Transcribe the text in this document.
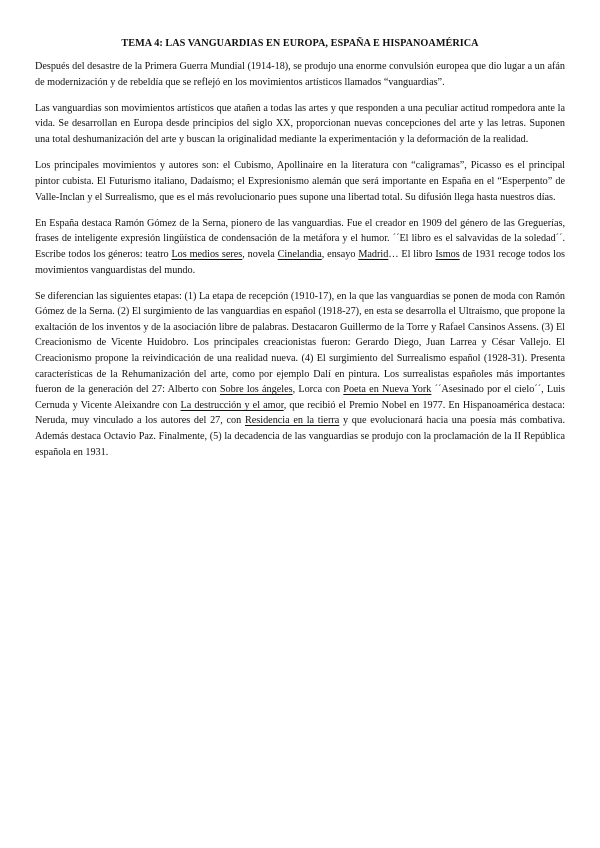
TEMA 4: LAS VANGUARDIAS EN EUROPA, ESPAÑA E HISPANOAMÉRICA

Después del desastre de la Primera Guerra Mundial (1914-18), se produjo una enorme convulsión europea que dio lugar a un afán de modernización y de rebeldía que se reflejó en los movimientos artísticos llamados “vanguardias”.

Las vanguardias son movimientos artísticos que atañen a todas las artes y que responden a una peculiar actitud rompedora ante la vida. Se desarrollan en Europa desde principios del siglo XX, proporcionan nuevas concepciones del arte y las letras. Suponen una total deshumanización del arte y buscan la originalidad mediante la experimentación y la deformación de la realidad.

Los principales movimientos y autores son: el Cubismo, Apollinaire en la literatura con “caligramas”, Picasso es el principal pintor cubista. El Futurismo italiano, Dadaísmo; el Expresionismo alemán que será importante en España en el “Esperpento” de Valle-Inclan y el Surrealismo, que es el más revolucionario pues supone una libertad total. Su difusión llega hasta nuestros días.

En España destaca Ramón Gómez de la Serna, pionero de las vanguardias. Fue el creador en 1909 del género de las Greguerías, frases de inteligente expresión lingüística de condensación de la metáfora y el humor. ´´El libro es el salvavidas de la soledad´´. Escribe todos los géneros: teatro Los medios seres, novela Cinelandia, ensayo Madrid… El libro Ismos de 1931 recoge todos los movimientos vanguardistas del mundo.

Se diferencian las siguientes etapas: (1) La etapa de recepción (1910-17), en la que las vanguardias se ponen de moda con Ramón Gómez de la Serna. (2) El surgimiento de las vanguardias en español (1918-27), en esta se desarrolla el Ultraísmo, que propone la exaltación de los inventos y de la asociación libre de palabras. Destacaron Guillermo de la Torre y Rafael Cansinos Assens. (3) El Creacionismo de Vicente Huidobro. Los principales creacionistas fueron: Gerardo Diego, Juan Larrea y César Vallejo. El Creacionismo propone la reivindicación de una realidad nueva. (4) El surgimiento del Surrealismo español (1928-31). Presenta características de la Rehumanización del arte, como por ejemplo Dalí en pintura. Los surrealistas españoles más importantes fueron de la generación del 27: Alberto con Sobre los ángeles, Lorca con Poeta en Nueva York ´´Asesinado por el cielo´´, Luis Cernuda y Vicente Aleixandre con La destrucción y el amor, que recibió el Premio Nobel en 1977. En Hispanoamérica destaca: Neruda, muy vinculado a los autores del 27, con Residencia en la tierra y que evolucionará hacia una poesía más combativa. Además destaca Octavio Paz. Finalmente, (5) la decadencia de las vanguardias se produjo con la proclamación de la II República española en 1931.
